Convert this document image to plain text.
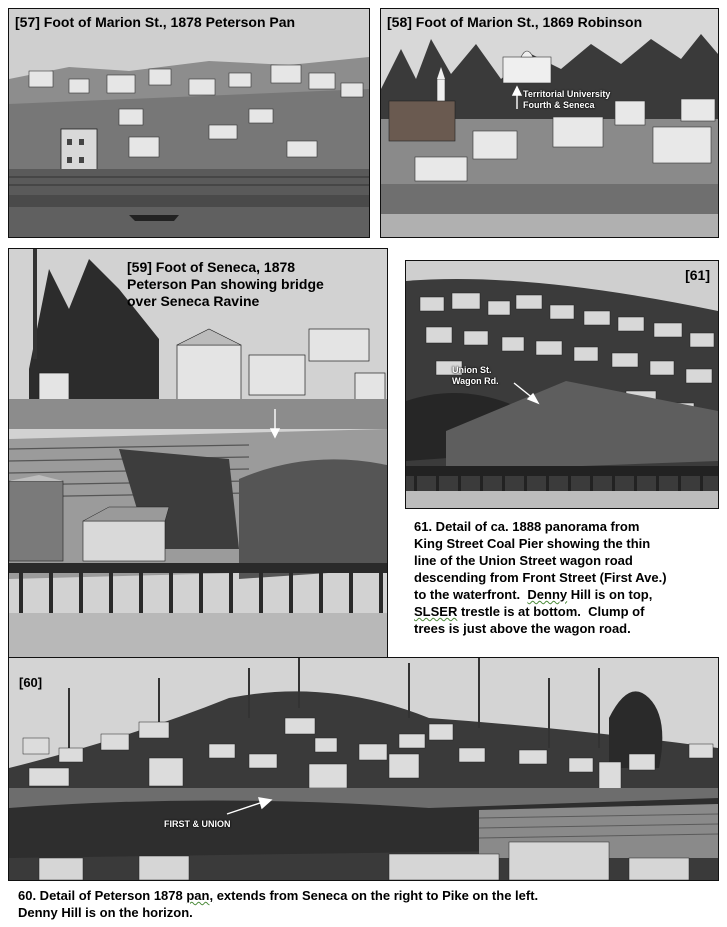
[57] Foot of Marion St., 1878 Peterson Pan	[58] Foot of Marion St., 1869 Robinson
Territorial University
Fourth & Seneca
[59] Foot of Seneca, 1878
Peterson Pan showing bridge
over Seneca Ravine
[61]
Union St.
Wagon Rd.
61. Detail of ca. 1888 panorama from
King Street Coal Pier showing the thin
line of the Union Street wagon road
descending from Front Street (First Ave.)
to the waterfront.  Denny Hill is on top,
SLSER trestle is at bottom.  Clump of
trees is just above the wagon road.
[60]
FIRST & UNION
60. Detail of Peterson 1878 pan, extends from Seneca on the right to Pike on the left.
Denny Hill is on the horizon.
